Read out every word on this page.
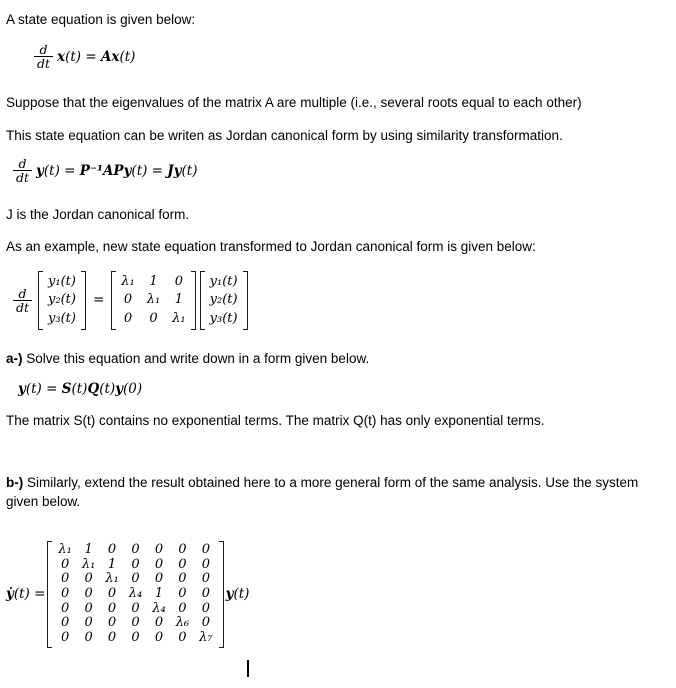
A state equation is given below:

$\frac{d}{dt} x(t) = Ax(t)$

Suppose that the eigenvalues of the matrix A are multiple (i.e., several roots equal to each other)

This state equation can be writen as Jordan canonical form by using similarity transformation.

$\frac{d}{dt} y(t) = P^{-1}APy(t) = Jy(t)$

J is the Jordan canonical form.

As an example, new state equation transformed to Jordan canonical form is given below:

$\frac{d}{dt}$
y₁(t)
y₂(t)
y₃(t)
=
λ₁ 1 0
0 λ₁ 1
0 0 λ₁
y₁(t)
y₂(t)
y₃(t)

a-) Solve this equation and write down in a form given below.

y(t) = S(t)Q(t)y(0)

The matrix S(t) contains no exponential terms. The matrix Q(t) has only exponential terms.

b-) Similarly, extend the result obtained here to a more general form of the same analysis. Use the system given below.

ẏ(t) =
λ₁ 1 0 0 0 0 0
0 λ₁ 1 0 0 0 0
0 0 λ₁ 0 0 0 0
0 0 0 λ₄ 1 0 0
0 0 0 0 λ₄ 0 0
0 0 0 0 0 λ₆ 0
0 0 0 0 0 0 λ₇
y(t)
